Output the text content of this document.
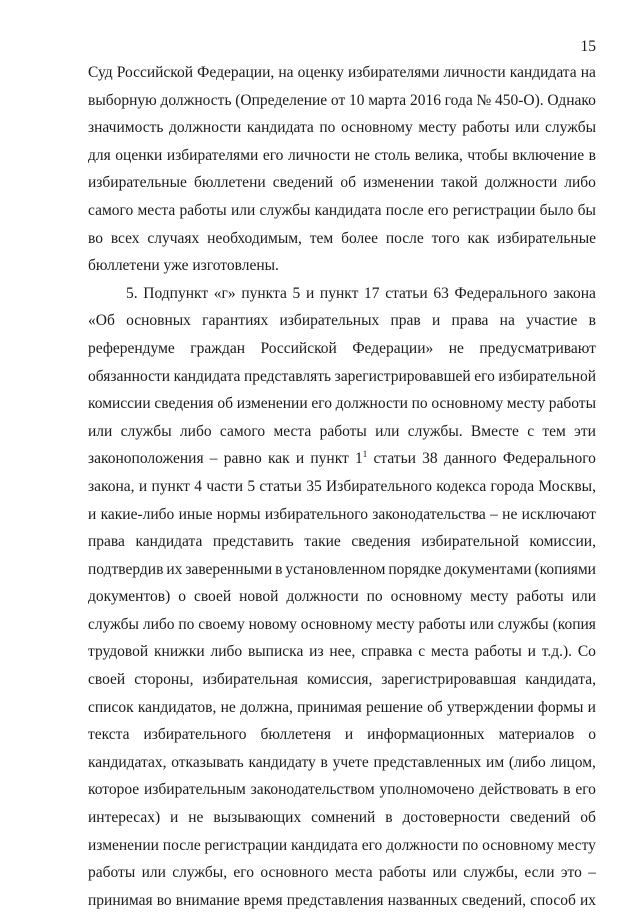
15
Суд Российской Федерации, на оценку избирателями личности кандидата на
выборную должность (Определение от 10 марта 2016 года № 450-О). Однако
значимость должности кандидата по основному месту работы или службы
для оценки избирателями его личности не столь велика, чтобы включение в
избирательные бюллетени сведений об изменении такой должности либо
самого места работы или службы кандидата после его регистрации было бы
во всех случаях необходимым, тем более после того как избирательные
бюллетени уже изготовлены.
5. Подпункт «г» пункта 5 и пункт 17 статьи 63 Федерального закона
«Об основных гарантиях избирательных прав и права на участие в
референдуме граждан Российской Федерации» не предусматривают
обязанности кандидата представлять зарегистрировавшей его избирательной
комиссии сведения об изменении его должности по основному месту работы
или службы либо самого места работы или службы. Вместе с тем эти
законоположения – равно как и пункт $1^1$ статьи 38 данного Федерального
закона, и пункт 4 части 5 статьи 35 Избирательного кодекса города Москвы,
и какие-либо иные нормы избирательного законодательства – не исключают
права кандидата представить такие сведения избирательной комиссии,
подтвердив их заверенными в установленном порядке документами (копиями
документов) о своей новой должности по основному месту работы или
службы либо по своему новому основному месту работы или службы (копия
трудовой книжки либо выписка из нее, справка с места работы и т.д.). Со
своей стороны, избирательная комиссия, зарегистрировавшая кандидата,
список кандидатов, не должна, принимая решение об утверждении формы и
текста избирательного бюллетеня и информационных материалов о
кандидатах, отказывать кандидату в учете представленных им (либо лицом,
которое избирательным законодательством уполномочено действовать в его
интересах) и не вызывающих сомнений в достоверности сведений об
изменении после регистрации кандидата его должности по основному месту
работы или службы, его основного места работы или службы, если это –
принимая во внимание время представления названных сведений, способ их
